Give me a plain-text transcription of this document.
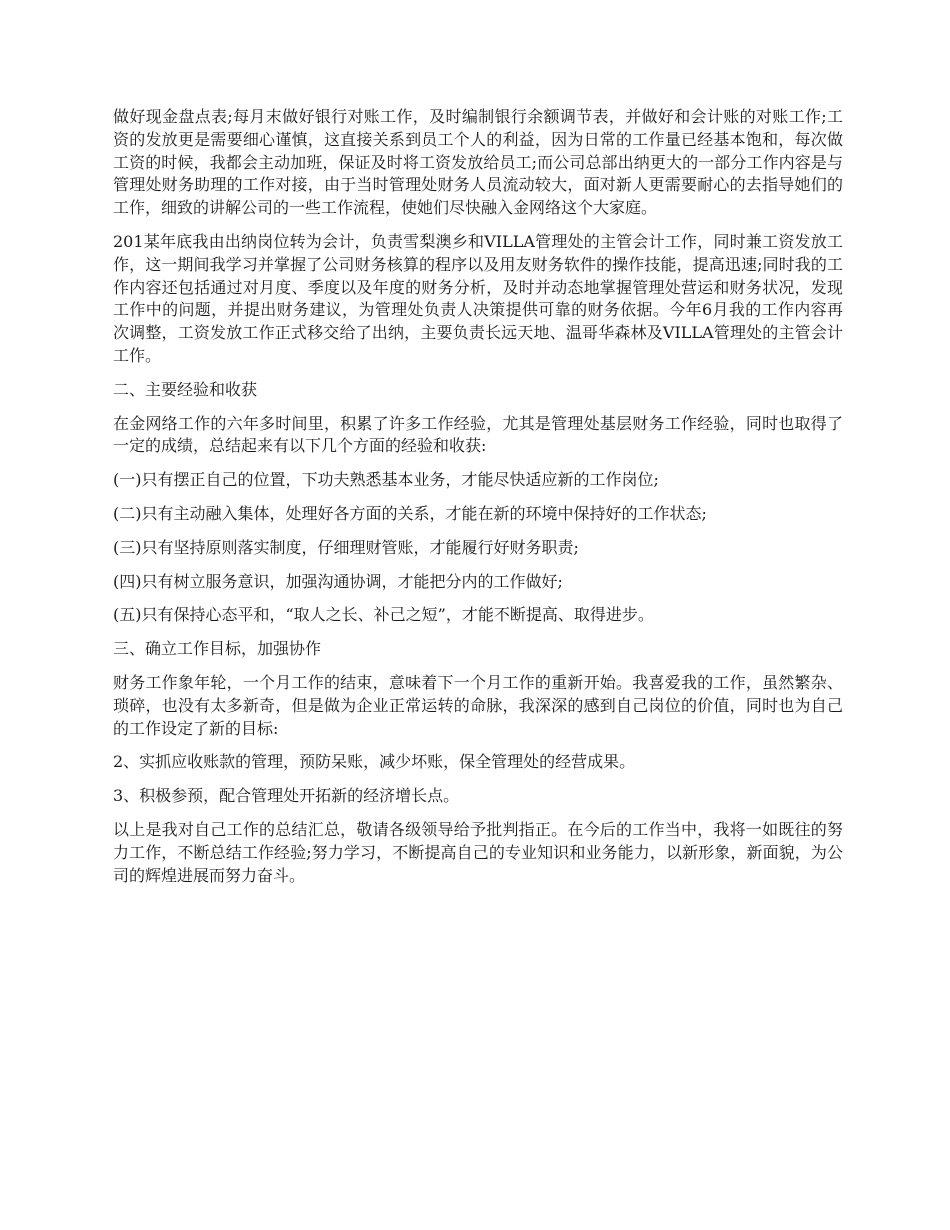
做好现金盘点表;每月末做好银行对账工作，及时编制银行余额调节表，并做好和会计账的对账工作;工资的发放更是需要细心谨慎，这直接关系到员工个人的利益，因为日常的工作量已经基本饱和，每次做工资的时候，我都会主动加班，保证及时将工资发放给员工;而公司总部出纳更大的一部分工作内容是与管理处财务助理的工作对接，由于当时管理处财务人员流动较大，面对新人更需要耐心的去指导她们的工作，细致的讲解公司的一些工作流程，使她们尽快融入金网络这个大家庭。

201某年底我由出纳岗位转为会计，负责雪梨澳乡和VILLA管理处的主管会计工作，同时兼工资发放工作，这一期间我学习并掌握了公司财务核算的程序以及用友财务软件的操作技能，提高迅速;同时我的工作内容还包括通过对月度、季度以及年度的财务分析，及时并动态地掌握管理处营运和财务状况，发现工作中的问题，并提出财务建议，为管理处负责人决策提供可靠的财务依据。今年6月我的工作内容再次调整，工资发放工作正式移交给了出纳，主要负责长远天地、温哥华森林及VILLA管理处的主管会计工作。

二、主要经验和收获

在金网络工作的六年多时间里，积累了许多工作经验，尤其是管理处基层财务工作经验，同时也取得了一定的成绩，总结起来有以下几个方面的经验和收获:

(一)只有摆正自己的位置，下功夫熟悉基本业务，才能尽快适应新的工作岗位;

(二)只有主动融入集体，处理好各方面的关系，才能在新的环境中保持好的工作状态;

(三)只有坚持原则落实制度，仔细理财管账，才能履行好财务职责;

(四)只有树立服务意识，加强沟通协调，才能把分内的工作做好;

(五)只有保持心态平和，“取人之长、补己之短”，才能不断提高、取得进步。

三、确立工作目标，加强协作

财务工作象年轮，一个月工作的结束，意味着下一个月工作的重新开始。我喜爱我的工作，虽然繁杂、琐碎，也没有太多新奇，但是做为企业正常运转的命脉，我深深的感到自己岗位的价值，同时也为自己的工作设定了新的目标:

2、实抓应收账款的管理，预防呆账，减少坏账，保全管理处的经营成果。

3、积极参预，配合管理处开拓新的经济增长点。

以上是我对自己工作的总结汇总，敬请各级领导给予批判指正。在今后的工作当中，我将一如既往的努力工作，不断总结工作经验;努力学习，不断提高自己的专业知识和业务能力，以新形象，新面貌，为公司的辉煌进展而努力奋斗。
